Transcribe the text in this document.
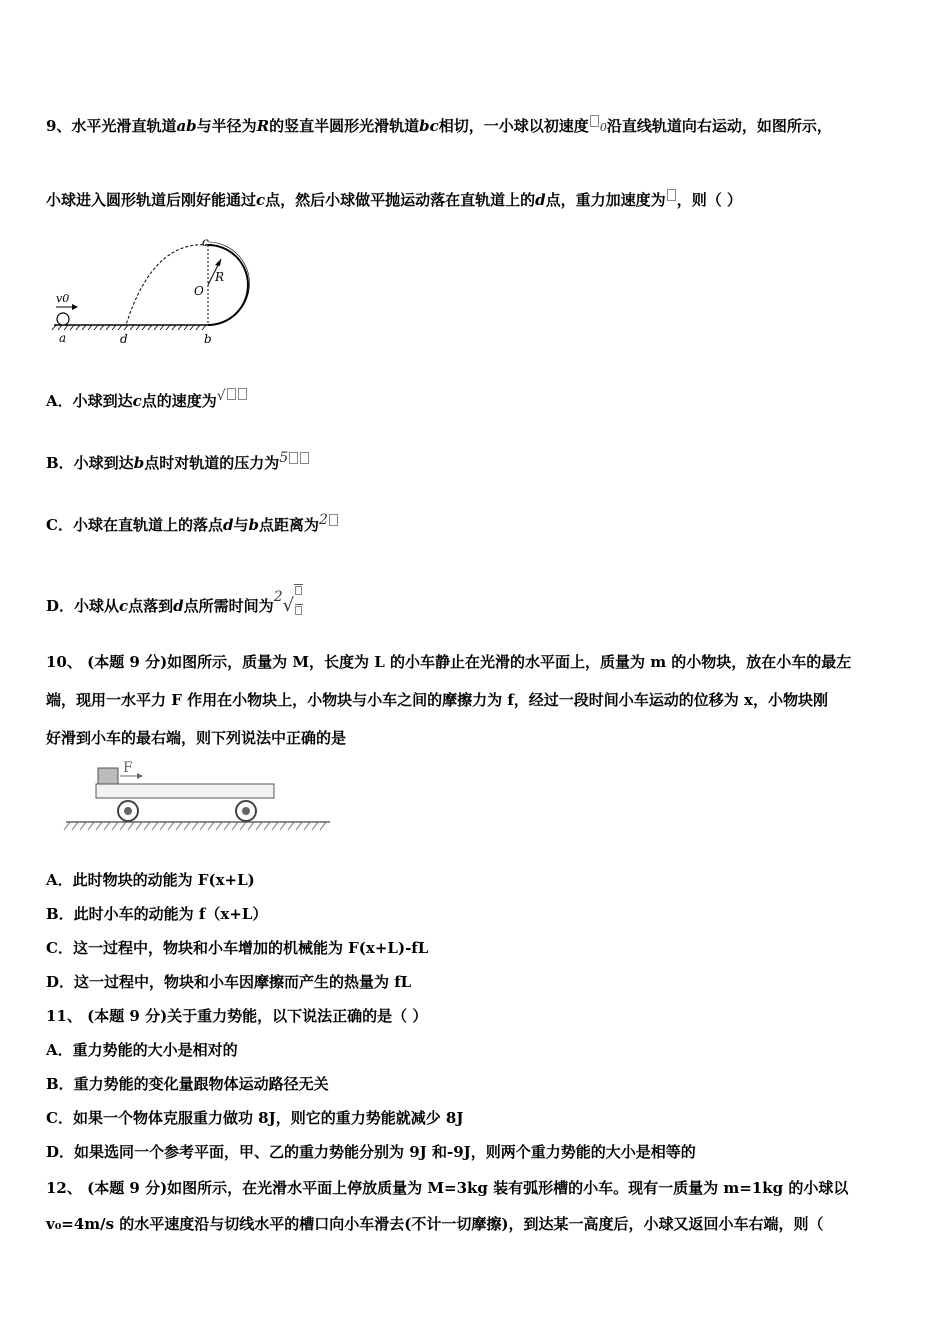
9、水平光滑直轨道ab与半径为R的竖直半圆形光滑轨道bc相切，一小球以初速度 0沿直线轨道向右运动，如图所示，
小球进入圆形轨道后刚好能通过c点，然后小球做平抛运动落在直轨道上的d点，重力加速度为 ，则（ ）
v0
a	d	b
c
O
R
A．小球到达c点的速度为√
B．小球到达b点时对轨道的压力为5
C．小球在直轨道上的落点d与b点距离为2
D．小球从c点落到d点所需时间为2√

10、 (本题 9 分)如图所示，质量为 M，长度为 L 的小车静止在光滑的水平面上，质量为 m 的小物块，放在小车的最左
端，现用一水平力 F 作用在小物块上，小物块与小车之间的摩擦力为 f，经过一段时间小车运动的位移为 x，小物块刚
好滑到小车的最右端，则下列说法中正确的是
F
A．此时物块的动能为 F(x+L)
B．此时小车的动能为 f（x+L）
C．这一过程中，物块和小车增加的机械能为 F(x+L)-fL
D．这一过程中，物块和小车因摩擦而产生的热量为 fL
11、 (本题 9 分)关于重力势能，以下说法正确的是（ ）
A．重力势能的大小是相对的
B．重力势能的变化量跟物体运动路径无关
C．如果一个物体克服重力做功 8J，则它的重力势能就减少 8J
D．如果选同一个参考平面，甲、乙的重力势能分别为 9J 和-9J，则两个重力势能的大小是相等的
12、 (本题 9 分)如图所示，在光滑水平面上停放质量为 M=3kg 装有弧形槽的小车。现有一质量为 m=1kg 的小球以
v₀=4m/s 的水平速度沿与切线水平的槽口向小车滑去(不计一切摩擦)，到达某一高度后，小球又返回小车右端，则（
